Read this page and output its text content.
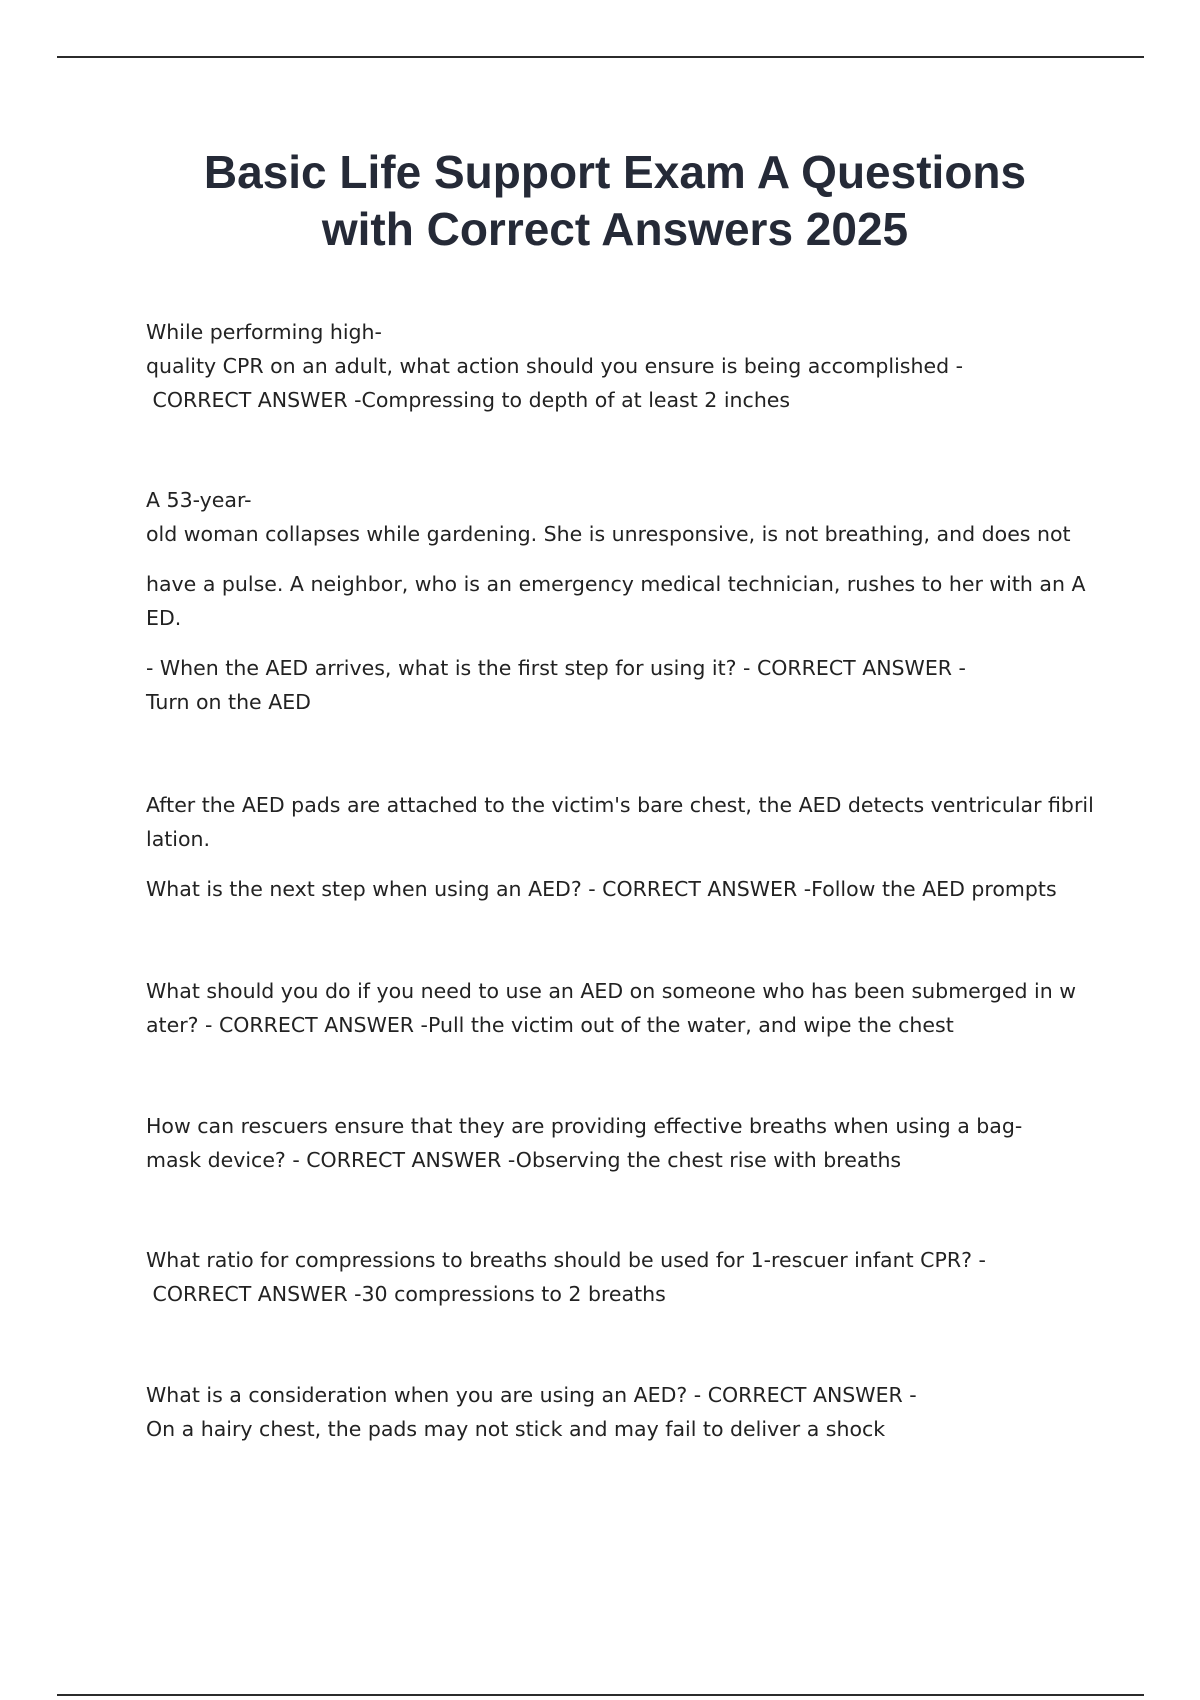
Basic Life Support Exam A Questions
with Correct Answers 2025
While performing high-
quality CPR on an adult, what action should you ensure is being accomplished -
CORRECT ANSWER -Compressing to depth of at least 2 inches
A 53-year-
old woman collapses while gardening. She is unresponsive, is not breathing, and does not
have a pulse. A neighbor, who is an emergency medical technician, rushes to her with an A
ED.
- When the AED arrives, what is the first step for using it? - CORRECT ANSWER -
Turn on the AED
After the AED pads are attached to the victim's bare chest, the AED detects ventricular fibril
lation.
What is the next step when using an AED? - CORRECT ANSWER -Follow the AED prompts
What should you do if you need to use an AED on someone who has been submerged in w
ater? - CORRECT ANSWER -Pull the victim out of the water, and wipe the chest
How can rescuers ensure that they are providing effective breaths when using a bag-
mask device? - CORRECT ANSWER -Observing the chest rise with breaths
What ratio for compressions to breaths should be used for 1-rescuer infant CPR? -
CORRECT ANSWER -30 compressions to 2 breaths
What is a consideration when you are using an AED? - CORRECT ANSWER -
On a hairy chest, the pads may not stick and may fail to deliver a shock
